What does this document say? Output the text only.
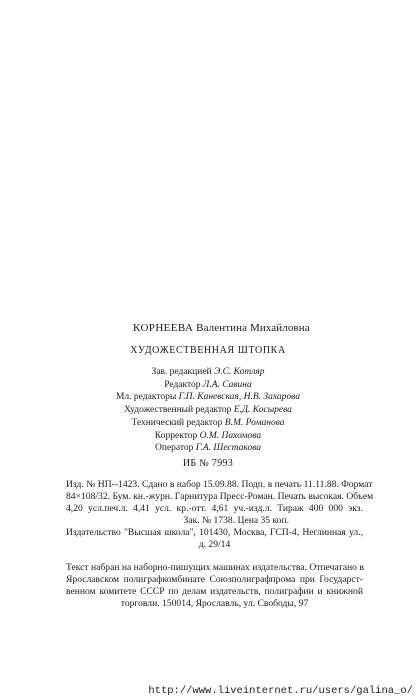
КОРНЕЕВА Валентина Михайловна
ХУДОЖЕСТВЕННАЯ ШТОПКА
Зав. редакцией Э.С. Котляр
Редактор Л.А. Савина
Мл. редакторы Г.П. Каневская, Н.В. Захарова
Художественный редактор Е.Д. Косырева
Технический редактор В.М. Романова
Корректор О.М. Пахомова
Оператор Г.А. Шестакова
ИБ № 7993
Изд. № НП--1423. Сдано в набор 15.09.88. Подп. в печать 11.11.88. Формат
84×108/32. Бум. кн.-журн. Гарнитура Пресс-Роман. Печать высокая. Объем
4,20 усл.печ.л. 4,41 усл. кр.-отт. 4,61 уч.-изд.л. Тираж 400 000 экз.
Зак. № 1738. Цена 35 коп.
Издательство "Высшая школа", 101430, Москва, ГСП-4, Неглинная ул.,
д. 29/14
Текст набран на наборно-пишущих машинах издательства. Отпечатано в
Ярославском полиграфкомбинате Союзполиграфпрома при Государст-
венном комитете СССР по делам издательств, полиграфии и книжной
торговли. 150014, Ярославль, ул. Свободы, 97
http://www.liveinternet.ru/users/galina_o/
